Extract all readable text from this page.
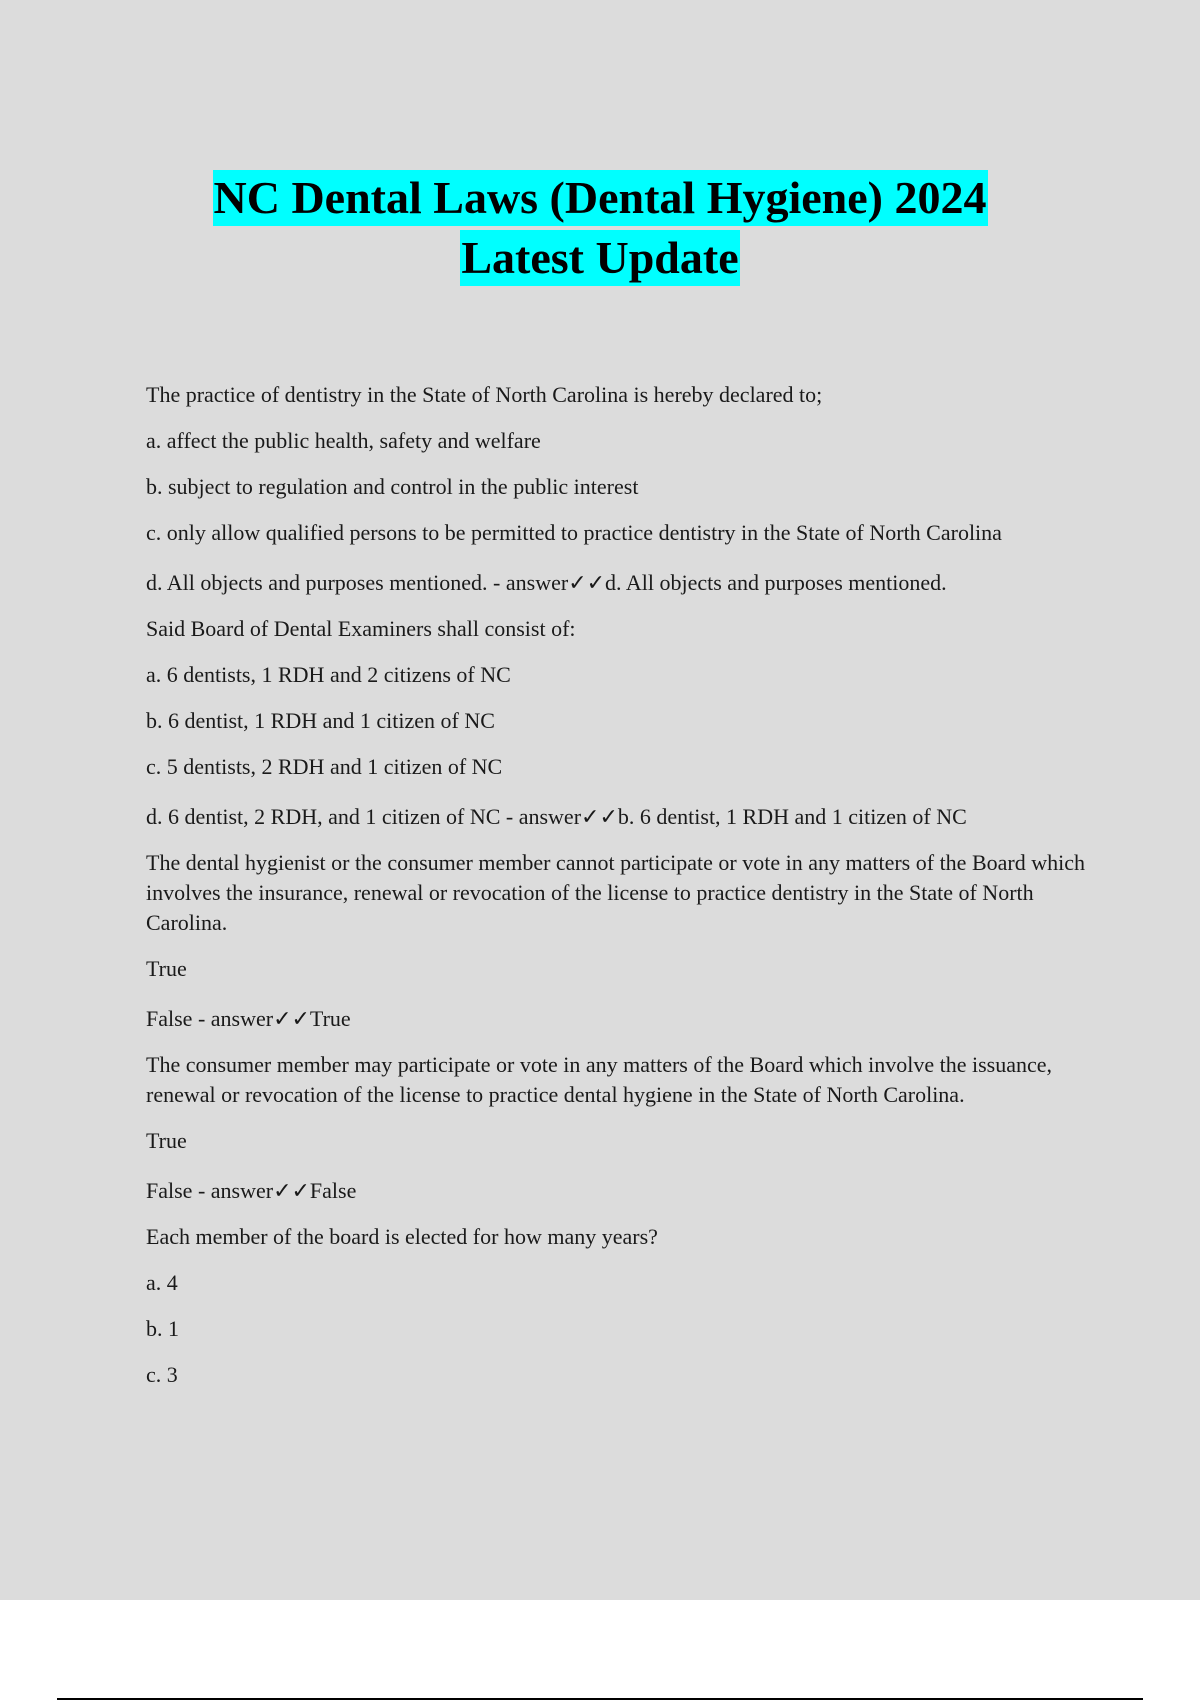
NC Dental Laws (Dental Hygiene) 2024
Latest Update

The practice of dentistry in the State of North Carolina is hereby declared to;

a. affect the public health, safety and welfare

b. subject to regulation and control in the public interest

c. only allow qualified persons to be permitted to practice dentistry in the State of North Carolina

d. All objects and purposes mentioned. - answer✓✓d. All objects and purposes mentioned.

Said Board of Dental Examiners shall consist of:

a. 6 dentists, 1 RDH and 2 citizens of NC

b. 6 dentist, 1 RDH and 1 citizen of NC

c. 5 dentists, 2 RDH and 1 citizen of NC

d. 6 dentist, 2 RDH, and 1 citizen of NC - answer✓✓b. 6 dentist, 1 RDH and 1 citizen of NC

The dental hygienist or the consumer member cannot participate or vote in any matters of the Board which involves the insurance, renewal or revocation of the license to practice dentistry in the State of North Carolina.

True

False - answer✓✓True

The consumer member may participate or vote in any matters of the Board which involve the issuance, renewal or revocation of the license to practice dental hygiene in the State of North Carolina.

True

False - answer✓✓False

Each member of the board is elected for how many years?

a. 4

b. 1

c. 3
